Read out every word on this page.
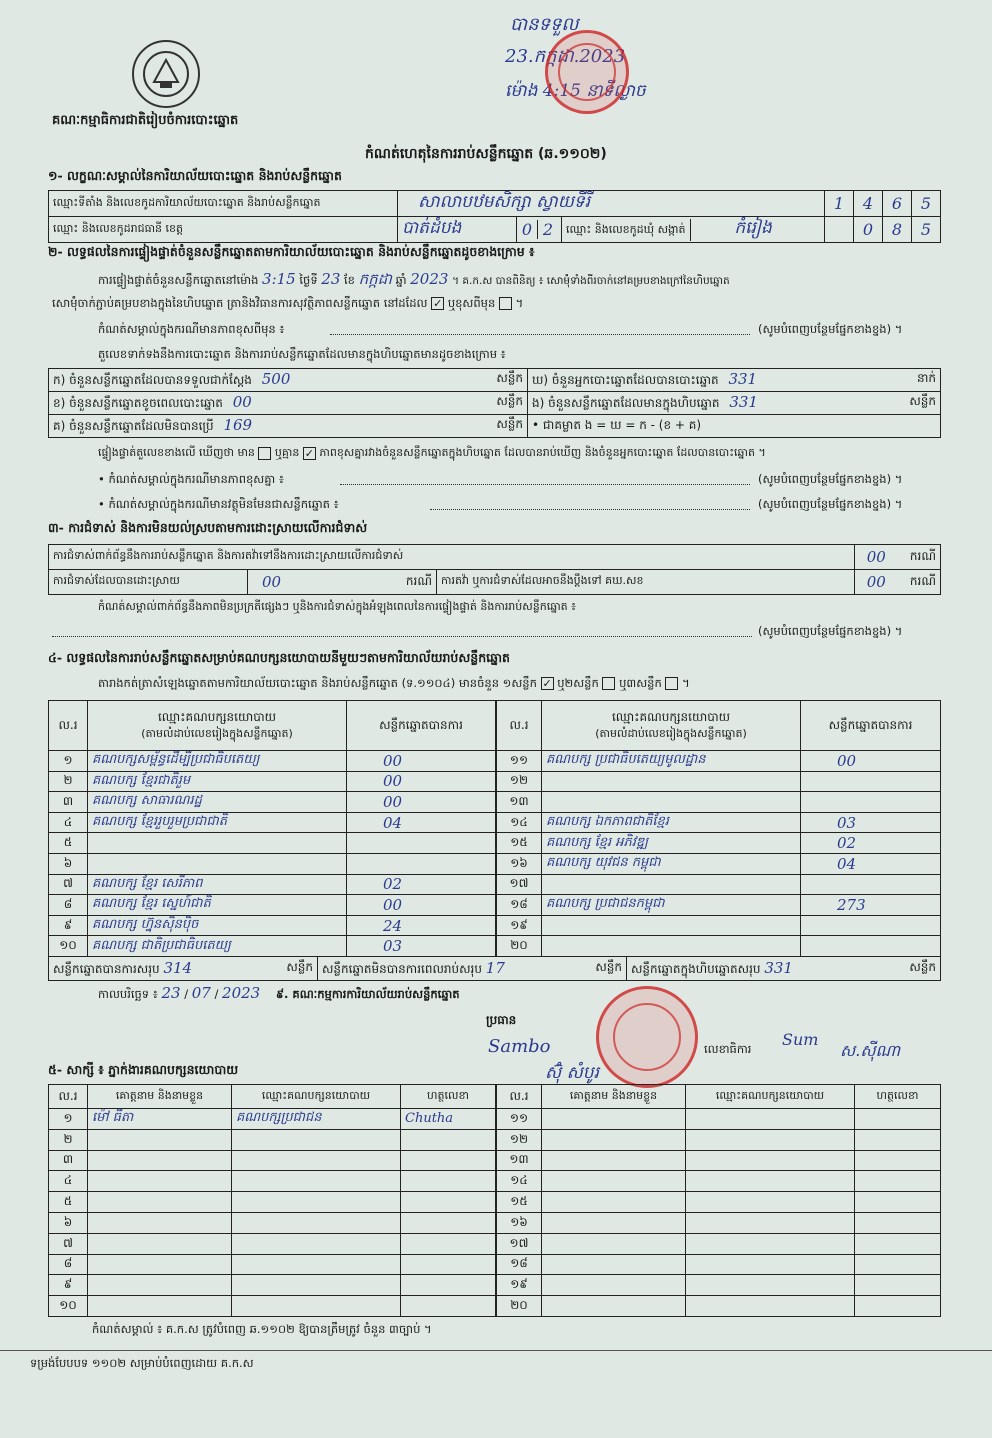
គណៈកម្មាធិការជាតិរៀបចំការបោះឆ្នោត
បាន​ទទួល
23.កក្កដា.2023
ម៉ោង 4:15 នាទីល្ងាច
កំណត់ហេតុនៃការរាប់សន្លឹកឆ្នោត (ឆ.១១០២)
១- លក្ខណៈសម្គាល់នៃការិយាល័យបោះឆ្នោត និងរាប់សន្លឹកឆ្នោត
ឈ្មោះទីតាំង និងលេខកូដការិយាល័យបោះឆ្នោត និងរាប់សន្លឹកឆ្នោត	សាលាបឋមសិក្សា ស្វាយទីរី			1	4	6	5
ឈ្មោះ និងលេខកូដរាជធានី ខេត្ត	បាត់ដំបង	0 2	ឈ្មោះ និងលេខកូដឃុំ សង្កាត់ កំរៀង		0	8	5
២- លទ្ធផលនៃការផ្ទៀងផ្ទាត់ចំនួនសន្លឹកឆ្នោតតាមការិយាល័យបោះឆ្នោត និងរាប់សន្លឹកឆ្នោតដូចខាងក្រោម ៖
ការផ្ទៀងផ្ទាត់ចំនួនសន្លឹកឆ្នោតនៅម៉ោង 3:15 ថ្ងៃទី 23 ខែ កក្កដា ឆ្នាំ 2023 ។ គ.ក.ស បានពិនិត្យ ៖ សោម៉ុំទាំងពីរចាក់នៅគម្របខាងក្រៅនៃហិបឆ្នោត
សោម៉ុំចាក់ភ្ជាប់គម្របខាងក្នុងនៃហិបឆ្នោត ត្រានិងវិធានការសុវត្ថិភាពសន្លឹកឆ្នោត នៅដដែល ✓ ឬខុសពីមុន ។
កំណត់សម្គាល់ក្នុងករណីមានភាពខុសពីមុន ៖	(សូមបំពេញបន្ថែមផ្នែកខាងខ្នង) ។
តួលេខទាក់ទងនឹងការបោះឆ្នោត និងការរាប់សន្លឹកឆ្នោតដែលមានក្នុងហិបឆ្នោតមានដូចខាងក្រោម ៖
ក) ចំនួនសន្លឹកឆ្នោតដែលបានទទួលជាក់ស្តែង 500 សន្លឹក	ឃ) ចំនួនអ្នកបោះឆ្នោតដែលបានបោះឆ្នោត 331 នាក់

ខ) ចំនួនសន្លឹកឆ្នោតខូចពេលបោះឆ្នោត 00 សន្លឹក	ង) ចំនួនសន្លឹកឆ្នោតដែលមានក្នុងហិបឆ្នោត 331 សន្លឹក

គ) ចំនួនសន្លឹកឆ្នោតដែលមិនបានប្រើ 169 សន្លឹក	• ជាគម្លាត ង = ឃ = ក - (ខ + គ)
ផ្ទៀងផ្ទាត់តួលេខខាងលើ ឃើញថា មាន ឬគ្មាន ✓ ភាពខុសគ្នារវាងចំនួនសន្លឹកឆ្នោតក្នុងហិបឆ្នោត ដែលបានរាប់ឃើញ និងចំនួនអ្នកបោះឆ្នោត ដែលបានបោះឆ្នោត ។
• កំណត់សម្គាល់ក្នុងករណីមានភាពខុសគ្នា ៖	(សូមបំពេញបន្ថែមផ្នែកខាងខ្នង) ។
• កំណត់សម្គាល់ក្នុងករណីមានវត្ថុមិនមែនជាសន្លឹកឆ្នោត ៖	(សូមបំពេញបន្ថែមផ្នែកខាងខ្នង) ។
៣- ការជំទាស់ និងការមិនយល់ស្របតាមការដោះស្រាយលើការជំទាស់
ការជំទាស់ពាក់ព័ន្ធនឹងការរាប់សន្លឹកឆ្នោត និងការតវ៉ាទៅនឹងការដោះស្រាយលើការជំទាស់			00 ករណី

ការជំទាស់ដែលបានដោះស្រាយ	00 ករណី	ការតវ៉ា ឬការជំទាស់ដែលអាចនឹងប្តឹងទៅ គឃ.សខ	00 ករណី
កំណត់សម្គាល់ពាក់ព័ន្ធនឹងភាពមិនប្រក្រតីផ្សេងៗ ឬនិងការជំទាស់ក្នុងអំឡុងពេលនៃការផ្ទៀងផ្ទាត់ និងការរាប់សន្លឹកឆ្នោត ៖
(សូមបំពេញបន្ថែមផ្នែកខាងខ្នង) ។
៤- លទ្ធផលនៃការរាប់សន្លឹកឆ្នោតសម្រាប់គណបក្សនយោបាយនីមួយៗតាមការិយាល័យរាប់សន្លឹកឆ្នោត
តារាងកត់ត្រាសំឡេងឆ្នោតតាមការិយាល័យបោះឆ្នោត និងរាប់សន្លឹកឆ្នោត (ទ.១១០៤) មានចំនួន ១សន្លឹក ✓ ឬ២សន្លឹក ឬ៣សន្លឹក ។
ល.រ	ឈ្មោះគណបក្សនយោបាយ
(តាមលំដាប់លេខរៀងក្នុងសន្លឹកឆ្នោត)	សន្លឹកឆ្នោតបានការ
១	គណបក្សសម្ព័ន្ធដើម្បីប្រជាធិបតេយ្យ	00
២	គណបក្ស ខ្មែរជាតិរួម	00
៣	គណបក្ស សាធារណរដ្ឋ	00
៤	គណបក្ស ខ្មែររួបរួមប្រជាជាតិ	04
៥		
៦		
៧	គណបក្ស ខ្មែរ សេរីភាព	02
៨	គណបក្ស ខ្មែរ ស្នេហ៍ជាតិ	00
៩	គណបក្ស ហ្វ៊ុនស៊ិនប៉ិច	24
១០	គណបក្ស ជាតិប្រជាធិបតេយ្យ	03
ល.រ	ឈ្មោះគណបក្សនយោបាយ
(តាមលំដាប់លេខរៀងក្នុងសន្លឹកឆ្នោត)	សន្លឹកឆ្នោតបានការ
១១	គណបក្ស ប្រជាធិបតេយ្យមូលដ្ឋាន	00
១២		
១៣		
១៤	គណបក្ស ឯកភាពជាតិខ្មែរ	03
១៥	គណបក្ស ខ្មែរ អភិវឌ្ឍ	02
១៦	គណបក្ស យុវជន កម្ពុជា	04
១៧		
១៨	គណបក្ស ប្រជាជនកម្ពុជា	273
១៩		
២០		
សន្លឹកឆ្នោតបានការសរុប 314	សន្លឹក	សន្លឹកឆ្នោតមិនបានការពេលរាប់សរុប 17	សន្លឹក	សន្លឹកឆ្នោតក្នុងហិបឆ្នោតសរុប 331	សន្លឹក
កាលបរិច្ឆេទ ៖ 23 / 07 / 2023 ៩. គណៈកម្មការការិយាល័យរាប់សន្លឹកឆ្នោត
ប្រធាន
Sambo
ស៊ុំ សំបូរ
លេខាធិការ Sum
ស.ស៊ីណា
៥- សាក្សី ៖ ភ្នាក់ងារគណបក្សនយោបាយ
ល.រ	គោត្តនាម និងនាមខ្លួន	ឈ្មោះគណបក្សនយោបាយ	ហត្ថលេខា
១	ម៉ៅ ធីតា	គណបក្សប្រជាជន	Chutha
២			
៣			
៤			
៥			
៦			
៧			
៨			
៩			
១០			
ល.រ	គោត្តនាម និងនាមខ្លួន	ឈ្មោះគណបក្សនយោបាយ	ហត្ថលេខា
១១			
១២			
១៣			
១៤			
១៥			
១៦			
១៧			
១៨			
១៩			
២០			
កំណត់សម្គាល់ ៖ គ.ក.ស ត្រូវបំពេញ ឆ.១១០២ ឱ្យបានត្រឹមត្រូវ ចំនួន ៣ច្បាប់ ។
ទម្រង់បែបបទ ១១០២ សម្រាប់បំពេញដោយ គ.ក.ស
